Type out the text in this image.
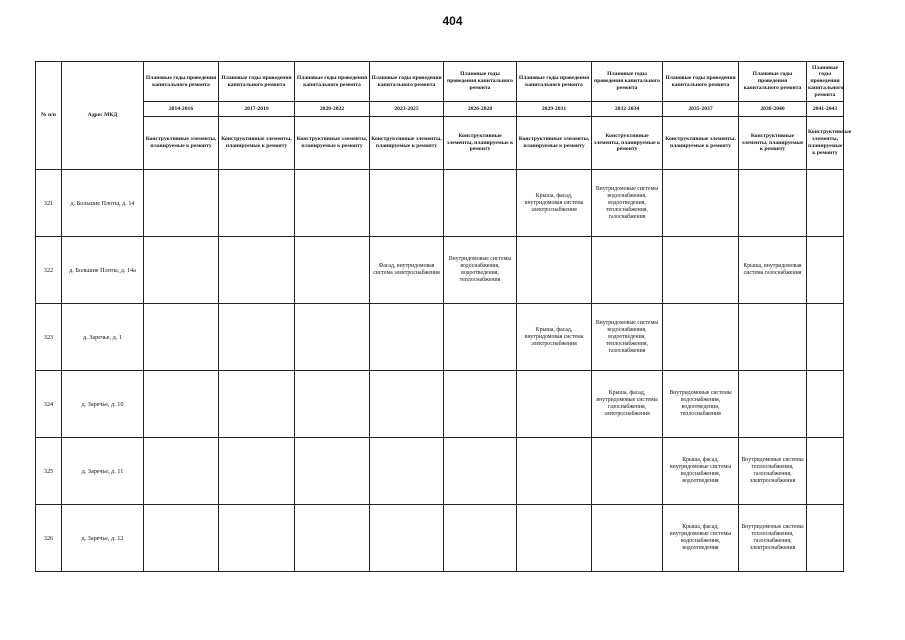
404
№ п/п	Адрес МКД	Плановые годы проведения капитального ремонта	Плановые годы проведения капитального ремонта	Плановые годы проведения капитального ремонта	Плановые годы проведения капитального ремонта	Плановые годы проведения капитального ремонта	Плановые годы проведения капитального ремонта	Плановые годы проведения капитального ремонта	Плановые годы проведения капитального ремонта	Плановые годы проведения капитального ремонта	Плановые годы проведения капитального ремонта	
		2014-2016	2017-2019	2020-2022	2023-2025	2026-2028	2029-2031	2032-2034	2035-2037	2038-2040	2041-2043	
		Конструктивные элементы, планируемые к ремонту	Конструктивные элементы, планируемые к ремонту	Конструктивные элементы, планируемые к ремонту	Конструктивные элементы, планируемые к ремонту	Конструктивные элементы, планируемые к ремонту	Конструктивные элементы, планируемые к ремонту	Конструктивные элементы, планируемые к ремонту	Конструктивные элементы, планируемые к ремонту	Конструктивные элементы, планируемые к ремонту	Конструктивные элементы, планируемые к ремонту	
321	д. Большие Плоты, д. 14						Крыша, фасад, внутридомовая система электроснабжения	Внутридомовые системы водоснабжения, водоотведения, теплоснабжения, газоснабжения				
322	д. Большие Плоты, д. 14а				Фасад, внутридомовая система электроснабжения	Внутридомовые системы водоснабжения, водоотведения, теплоснабжения				Крыша, внутридомовая система газоснабжения		
323	д. Заречье, д. 1						Крыша, фасад, внутридомовая система электроснабжения	Внутридомовые системы водоснабжения, водоотведения, теплоснабжения, газоснабжения				
324	д. Заречье, д. 10							Крыша, фасад, внутридомовые системы газоснабжения, электроснабжения	Внутридомовые системы водоснабжения, водоотведения, теплоснабжения			
325	д. Заречье, д. 11								Крыша, фасад, внутридомовые системы водоснабжения, водоотведения	Внутридомовые системы теплоснабжения, газоснабжения, электроснабжения		
326	д. Заречье, д. 12								Крыша, фасад, внутридомовые системы водоснабжения, водоотведения	Внутридомовые системы теплоснабжения, газоснабжения, электроснабжения		
